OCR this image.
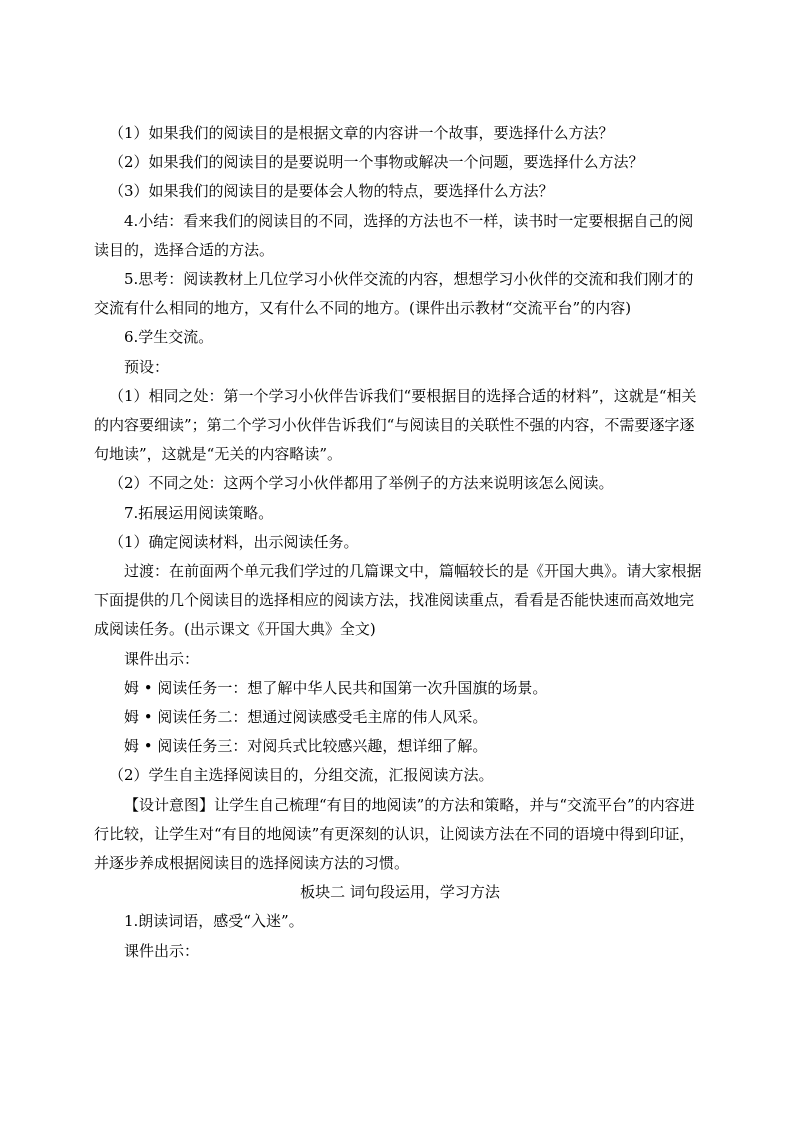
（1）如果我们的阅读目的是根据文章的内容讲一个故事，要选择什么方法？

（2）如果我们的阅读目的是要说明一个事物或解决一个问题，要选择什么方法？

（3）如果我们的阅读目的是要体会人物的特点，要选择什么方法？

4.小结：看来我们的阅读目的不同，选择的方法也不一样，读书时一定要根据自己的阅读目的，选择合适的方法。

5.思考：阅读教材上几位学习小伙伴交流的内容，想想学习小伙伴的交流和我们刚才的交流有什么相同的地方，又有什么不同的地方。(课件出示教材“交流平台”的内容)

6.学生交流。

预设：

（1）相同之处：第一个学习小伙伴告诉我们“要根据目的选择合适的材料”，这就是“相关的内容要细读”；第二个学习小伙伴告诉我们“与阅读目的关联性不强的内容，不需要逐字逐句地读”，这就是“无关的内容略读”。

（2）不同之处：这两个学习小伙伴都用了举例子的方法来说明该怎么阅读。

7.拓展运用阅读策略。

（1）确定阅读材料，出示阅读任务。

过渡：在前面两个单元我们学过的几篇课文中，篇幅较长的是《开国大典》。请大家根据下面提供的几个阅读目的选择相应的阅读方法，找准阅读重点，看看是否能快速而高效地完成阅读任务。(出示课文《开国大典》全文)

课件出示：

姆 • 阅读任务一：想了解中华人民共和国第一次升国旗的场景。

姆 • 阅读任务二：想通过阅读感受毛主席的伟人风采。

姆 • 阅读任务三：对阅兵式比较感兴趣，想详细了解。

（2）学生自主选择阅读目的，分组交流，汇报阅读方法。

【设计意图】让学生自己梳理“有目的地阅读”的方法和策略，并与“交流平台”的内容进行比较，让学生对“有目的地阅读”有更深刻的认识，让阅读方法在不同的语境中得到印证，并逐步养成根据阅读目的选择阅读方法的习惯。

板块二 词句段运用，学习方法

1.朗读词语，感受“入迷”。

课件出示：
